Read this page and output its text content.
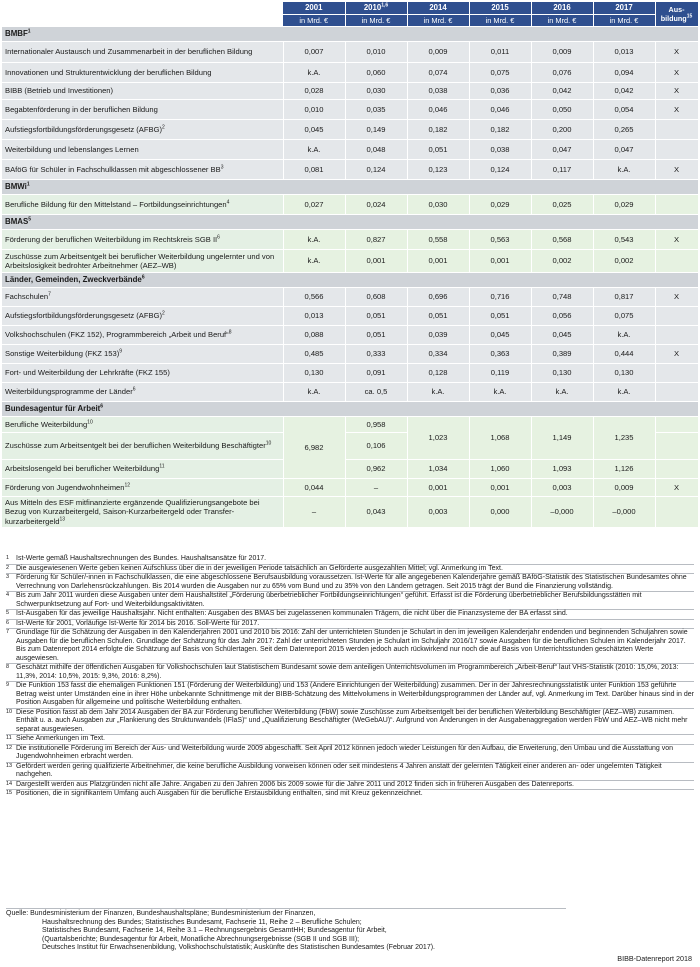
	2001	2010$^{1,6}$	2014	2015	2016	2017	Aus-
bildung$^{15}$
	in Mrd. €	in Mrd. €	in Mrd. €	in Mrd. €	in Mrd. €	in Mrd. €	
BMBF$^1$
Internationaler Austausch und Zusammenarbeit in der beruflichen Bildung	0,007	0,010	0,009	0,011	0,009	0,013	X
Innovationen und Strukturentwicklung der beruflichen Bildung	k.A.	0,060	0,074	0,075	0,076	0,094	X
BIBB (Betrieb und Investitionen)	0,028	0,030	0,038	0,036	0,042	0,042	X
Begabtenförderung in der beruflichen Bildung	0,010	0,035	0,046	0,046	0,050	0,054	X
Aufstiegsfortbildungsförderungsgesetz (AFBG)$^2$	0,045	0,149	0,182	0,182	0,200	0,265	
Weiterbildung und lebenslanges Lernen	k.A.	0,048	0,051	0,038	0,047	0,047	
BAföG für Schüler in Fachschulklassen mit abgeschlossener $BB^3$	0,081	0,124	0,123	0,124	0,117	k.A.	X
BMWi$^1$
Berufliche Bildung für den Mittelstand – Fortbildungseinrichtungen$^4$	0,027	0,024	0,030	0,029	0,025	0,029	
BMAS$^5$
Förderung der beruflichen Weiterbildung im Rechtskreis SGB $II^6$	k.A.	0,827	0,558	0,563	0,568	0,543	X
Zuschüsse zum Arbeitsentgelt bei beruflicher Weiterbildung ungelernter und von Arbeitslosigkeit bedrohter Arbeitnehmer (AEZ–WB)	k.A.	0,001	0,001	0,001	0,002	0,002	
Länder, Gemeinden, Zweckverbände$^6$
Fachschulen$^7$	0,566	0,608	0,696	0,716	0,748	0,817	X
Aufstiegsfortbildungsförderungsgesetz (AFBG)$^2$	0,013	0,051	0,051	0,051	0,056	0,075	
Volkshochschulen (FKZ 152), Programmbereich „Arbeit und Beruf“$^8$	0,088	0,051	0,039	0,045	0,045	k.A.	
Sonstige Weiterbildung (FKZ 153)$^9$	0,485	0,333	0,334	0,363	0,389	0,444	X
Fort- und Weiterbildung der Lehrkräfte (FKZ 155)	0,130	0,091	0,128	0,119	0,130	0,130	
Weiterbildungsprogramme der Länder$^6$	k.A.	ca. 0,5	k.A.	k.A.	k.A.	k.A.	
Bundesagentur für Arbeit$^6$
Berufliche Weiterbildung$^{10}$	6,982	0,958	1,023	1,068	1,149	1,235	
Zuschüsse zum Arbeitsentgelt bei der beruflichen Weiterbildung Beschäftigter$^{10}$		0,106					
Arbeitslosengeld bei beruflicher Weiterbildung$^{11}$		0,962	1,034	1,060	1,093	1,126	
Förderung von Jugendwohnheimen$^{12}$	0,044	–	0,001	0,001	0,003	0,009	X
Aus Mitteln des ESF mitfinanzierte ergänzende Qualifizierungsangebote bei Bezug von Kurzarbeitergeld, Saison-Kurzarbeitergeld oder Transfer-kurzarbeitergeld$^{13}$	–	0,043	0,003	0,000	–0,000	–0,000	
1 Ist-Werte gemäß Haushaltsrechnungen des Bundes. Haushaltsansätze für 2017.
2 Die ausgewiesenen Werte geben keinen Aufschluss über die in der jeweiligen Periode tatsächlich an Geförderte ausgezahlten Mittel; vgl. Anmerkung im Text.
3 Förderung für Schüler/-innen in Fachschulklassen, die eine abgeschlossene Berufsausbildung voraussetzen. Ist-Werte für alle angegebenen Kalenderjahre gemäß BAföG-Statistik des Statistischen Bundesamtes ohne Verrechnung von Darlehensrückzahlungen. Bis 2014 wurden die Ausgaben nur zu 65% vom Bund und zu 35% von den Ländern getragen. Seit 2015 trägt der Bund die Finanzierung vollständig.
4 Bis zum Jahr 2011 wurden diese Ausgaben unter dem Haushaltstitel „Förderung überbetrieblicher Fortbildungseinrichtungen“ geführt. Erfasst ist die Förderung überbetrieblicher Berufsbildungsstätten mit Schwerpunktsetzung auf Fort- und Weiterbildungsaktivitäten.
5 Ist-Ausgaben für das jeweilige Haushaltsjahr. Nicht enthalten: Ausgaben des BMAS bei zugelassenen kommunalen Trägern, die nicht über die Finanzsysteme der BA erfasst sind.
6 Ist-Werte für 2001, Vorläufige Ist-Werte für 2014 bis 2016. Soll-Werte für 2017.
7 Grundlage für die Schätzung der Ausgaben in den Kalenderjahren 2001 und 2010 bis 2016: Zahl der unterrichteten Stunden je Schulart in den im jeweiligen Kalenderjahr endenden und beginnenden Schuljahren sowie Ausgaben für die beruflichen Schulen. Grundlage der Schätzung für das Jahr 2017: Zahl der unterrichteten Stunden je Schulart im Schuljahr 2016/17 sowie Ausgaben für die beruflichen Schulen im Kalenderjahr 2017. Bis zum Datenreport 2014 erfolgte die Schätzung auf Basis von Schülertagen. Seit dem Datenreport 2015 werden jedoch auch rückwirkend nur noch die auf Basis von Unterrichtsstunden geschätzten Werte ausgewiesen.
8 Geschätzt mithilfe der öffentlichen Ausgaben für Volkshochschulen laut Statistischem Bundesamt sowie dem anteiligen Unterrichtsvolumen im Programmbereich „Arbeit-Beruf“ laut VHS-Statistik (2010: 15,0%, 2013: 11,3%, 2014: 10,5%, 2015: 9,3%, 2016: 8,2%).
9 Die Funktion 153 fasst die ehemaligen Funktionen 151 (Förderung der Weiterbildung) und 153 (Andere Einrichtungen der Weiterbildung) zusammen. Der in der Jahresrechnungsstatistik unter Funktion 153 geführte Betrag weist unter Umständen eine in ihrer Höhe unbekannte Schnittmenge mit der BIBB-Schätzung des Mittelvolumens in Weiterbildungsprogrammen der Länder auf, vgl. Anmerkung im Text. Darüber hinaus sind in der Position Ausgaben für allgemeine und politische Weiterbildung enthalten.
10 Diese Position fasst ab dem Jahr 2014 Ausgaben der BA zur Förderung beruflicher Weiterbildung (FbW) sowie Zuschüsse zum Arbeitsentgelt bei der beruflichen Weiterbildung Beschäftigter (AEZ–WB) zusammen. Enthält u. a. auch Ausgaben zur „Flankierung des Strukturwandels (IFlaS)“ und „Qualifizierung Beschäftigter (WeGebAU)“. Aufgrund von Änderungen in der Ausgabenaggregation werden FbW und AEZ–WB nicht mehr separat ausgewiesen.
11 Siehe Anmerkungen im Text.
12 Die institutionelle Förderung im Bereich der Aus- und Weiterbildung wurde 2009 abgeschafft. Seit April 2012 können jedoch wieder Leistungen für den Aufbau, die Erweiterung, den Umbau und die Ausstattung von Jugendwohnheimen erbracht werden.
13 Gefördert werden gering qualifizierte Arbeitnehmer, die keine berufliche Ausbildung vorweisen können oder seit mindestens 4 Jahren anstatt der gelernten Tätigkeit einer anderen an- oder ungelernten Tätigkeit nachgehen.
14 Dargestellt werden aus Platzgründen nicht alle Jahre. Angaben zu den Jahren 2006 bis 2009 sowie für die Jahre 2011 und 2012 finden sich in früheren Ausgaben des Datenreports.
15 Positionen, die in signifikantem Umfang auch Ausgaben für die berufliche Erstausbildung enthalten, sind mit Kreuz gekennzeichnet.
Quelle: Bundesministerium der Finanzen, Bundeshaushaltspläne; Bundesministerium der Finanzen,
Haushaltsrechnung des Bundes; Statistisches Bundesamt, Fachserie 11, Reihe 2 – Berufliche Schulen;
Statistisches Bundesamt, Fachserie 14, Reihe 3.1 – Rechnungsergebnis GesamtHH; Bundesagentur für Arbeit,
(Quartalsberichte; Bundesagentur für Arbeit, Monatliche Abrechnungsergebnisse (SGB II und SGB III);
Deutsches Institut für Erwachsenenbildung, Volkshochschulstatistik; Auskünfte des Statistischen Bundesamtes (Februar 2017).
BIBB-Datenreport 2018
